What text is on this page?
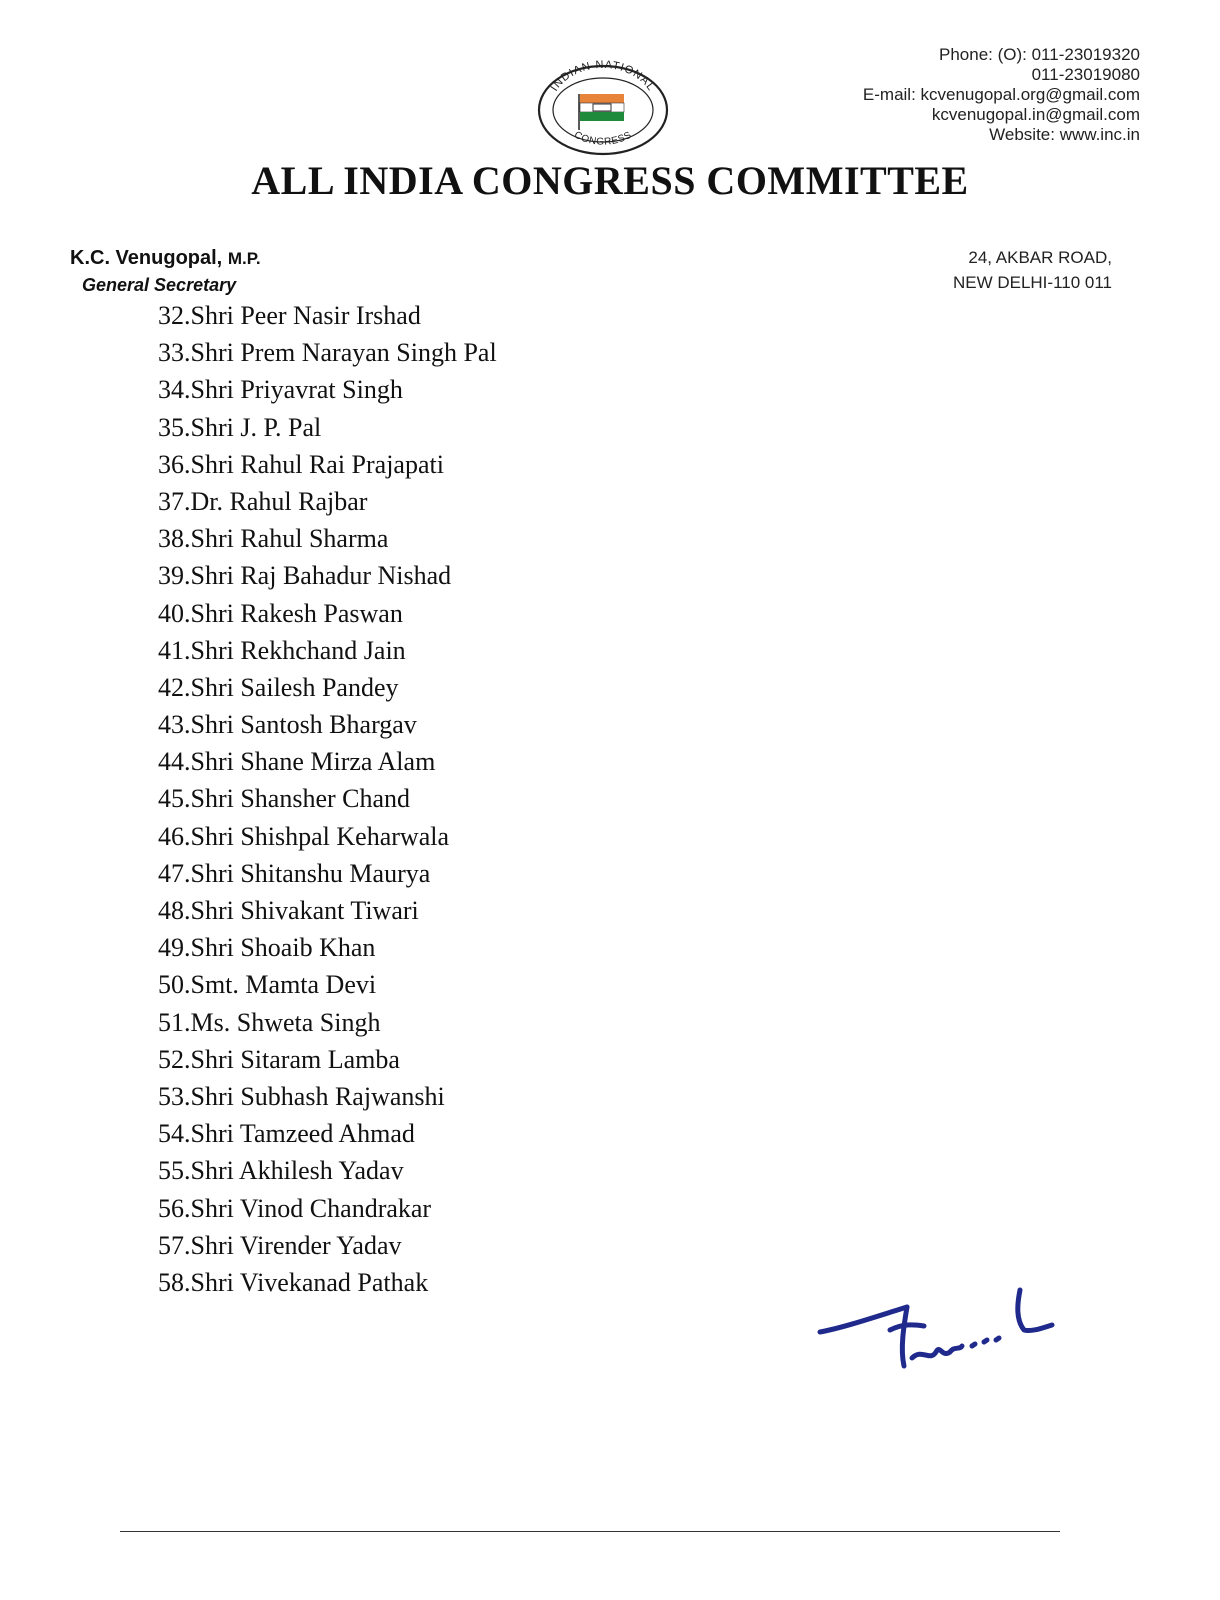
INDIAN NATIONAL
CONGRESS
Phone: (O): 011-23019320
011-23019080
E-mail: kcvenugopal.org@gmail.com
kcvenugopal.in@gmail.com
Website: www.inc.in
ALL INDIA CONGRESS COMMITTEE
K.C. Venugopal, M.P.
General Secretary
24, AKBAR ROAD,
NEW DELHI-110 011
32.Shri Peer Nasir Irshad
33.Shri Prem Narayan Singh Pal
34.Shri Priyavrat Singh
35.Shri J. P. Pal
36.Shri Rahul Rai Prajapati
37.Dr. Rahul Rajbar
38.Shri Rahul Sharma
39.Shri Raj Bahadur Nishad
40.Shri Rakesh Paswan
41.Shri Rekhchand Jain
42.Shri Sailesh Pandey
43.Shri Santosh Bhargav
44.Shri Shane Mirza Alam
45.Shri Shansher Chand
46.Shri Shishpal Keharwala
47.Shri Shitanshu Maurya
48.Shri Shivakant Tiwari
49.Shri Shoaib Khan
50.Smt. Mamta Devi
51.Ms. Shweta Singh
52.Shri Sitaram Lamba
53.Shri Subhash Rajwanshi
54.Shri Tamzeed Ahmad
55.Shri Akhilesh Yadav
56.Shri Vinod Chandrakar
57.Shri Virender Yadav
58.Shri Vivekanad Pathak
